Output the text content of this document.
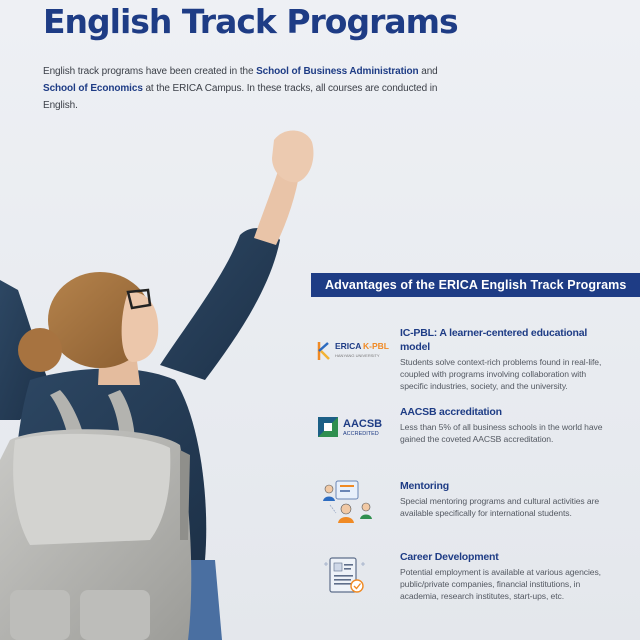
English Track Programs
English track programs have been created in the School of Business Administration and
School of Economics at the ERICA Campus. In these tracks, all courses are conducted in English.
Advantages of the ERICA English Track Programs
ERICA K-PBL
HANYANG UNIVERSITY
IC-PBL: A learner-centered educational model

Students solve context-rich problems found in real-life, coupled with programs involving collaboration with specific industries, society, and the university.

AACSB
ACCREDITED
AACSB accreditation

Less than 5% of all business schools in the world have gained the coveted AACSB accreditation.

Mentoring

Special mentoring programs and cultural activities are available specifically for international students.

Career Development

Potential employment is available at various agencies, public/private companies, financial institutions, in academia, research institutes, start-ups, etc.
